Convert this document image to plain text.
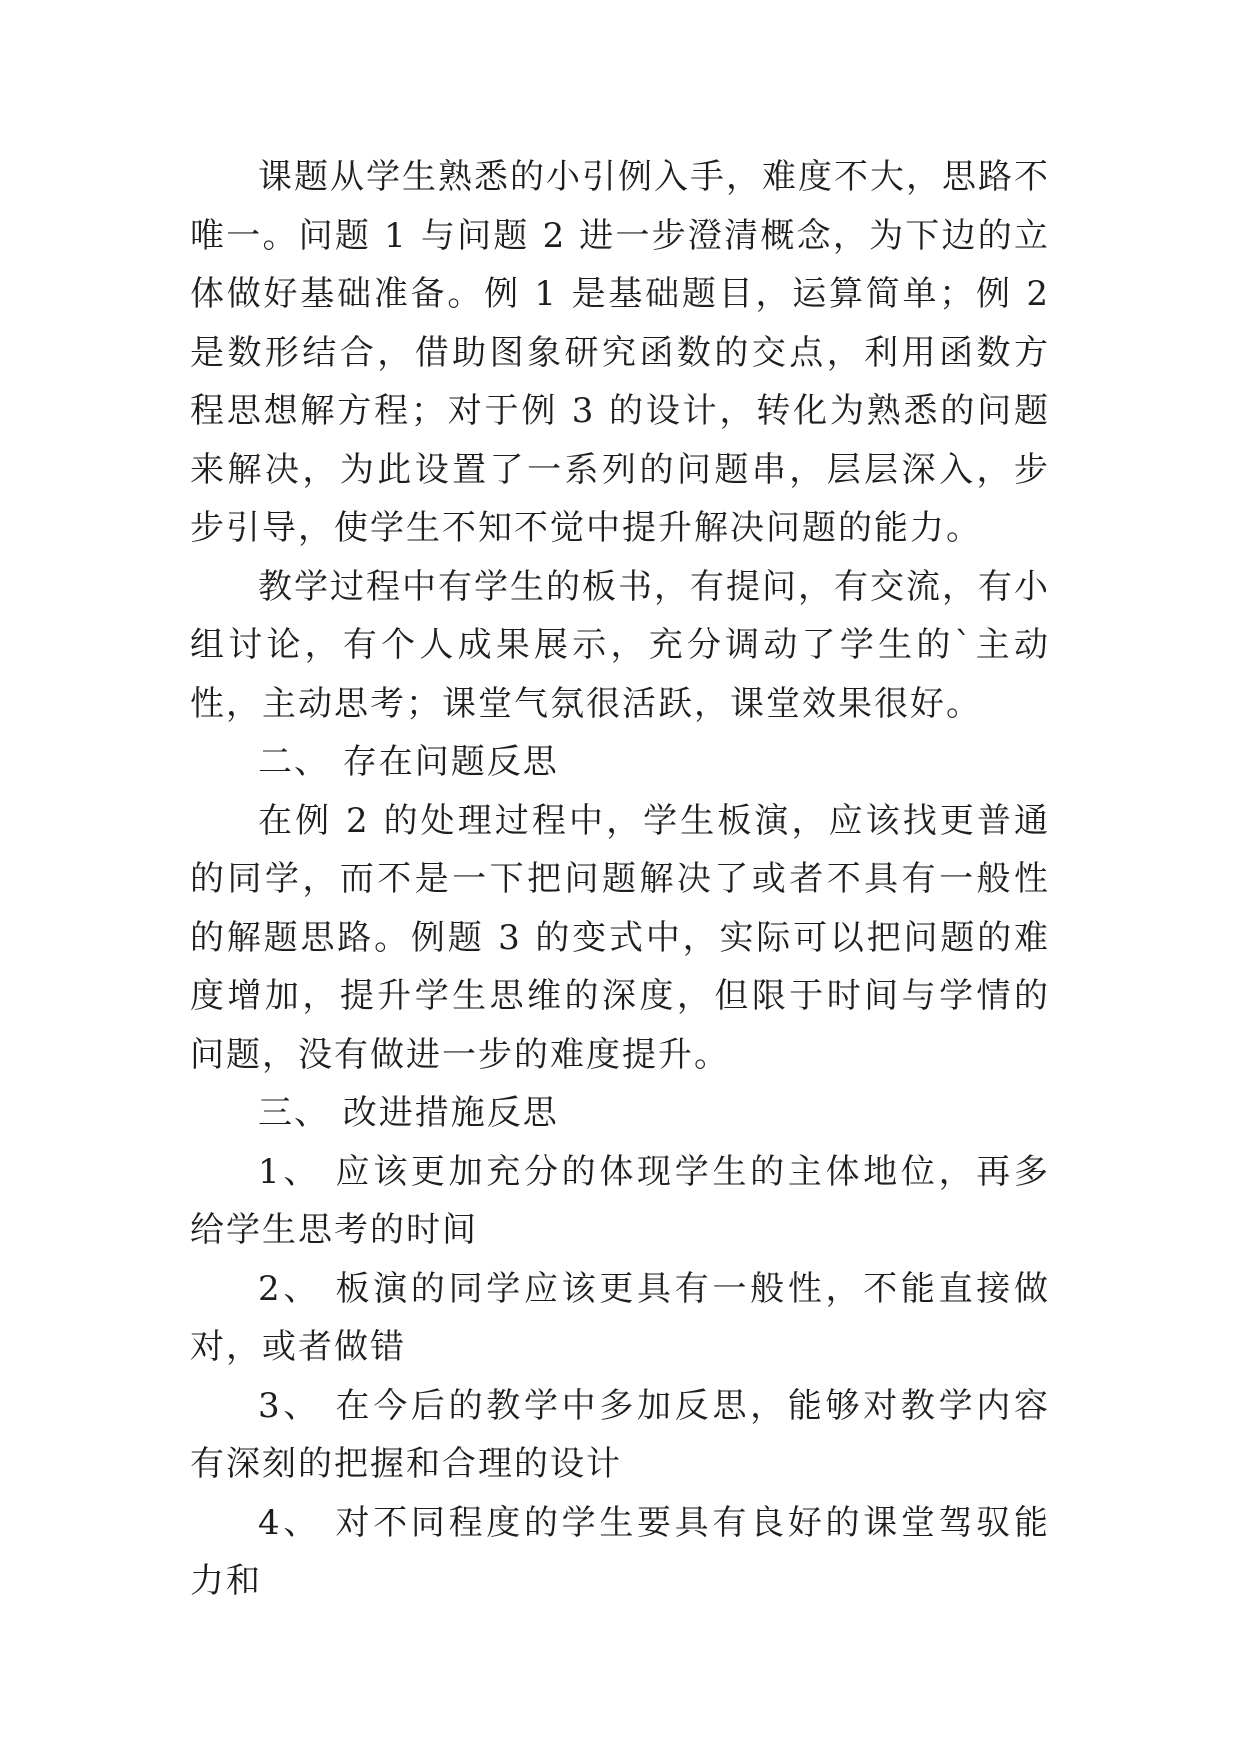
课题从学生熟悉的小引例入手，难度不大，思路不唯一。问题 1 与问题 2 进一步澄清概念，为下边的立体做好基础准备。例 1 是基础题目，运算简单；例 2 是数形结合，借助图象研究函数的交点，利用函数方程思想解方程；对于例 3 的设计，转化为熟悉的问题来解决，为此设置了一系列的问题串，层层深入，步步引导，使学生不知不觉中提升解决问题的能力。

教学过程中有学生的板书，有提问，有交流，有小组讨论，有个人成果展示，充分调动了学生的`主动性，主动思考；课堂气氛很活跃，课堂效果很好。

二、 存在问题反思

在例 2 的处理过程中，学生板演，应该找更普通的同学，而不是一下把问题解决了或者不具有一般性的解题思路。例题 3 的变式中，实际可以把问题的难度增加，提升学生思维的深度，但限于时间与学情的问题，没有做进一步的难度提升。

三、 改进措施反思

1、 应该更加充分的体现学生的主体地位，再多给学生思考的时间

2、 板演的同学应该更具有一般性，不能直接做对，或者做错

3、 在今后的教学中多加反思，能够对教学内容有深刻的把握和合理的设计

4、 对不同程度的学生要具有良好的课堂驾驭能力和
